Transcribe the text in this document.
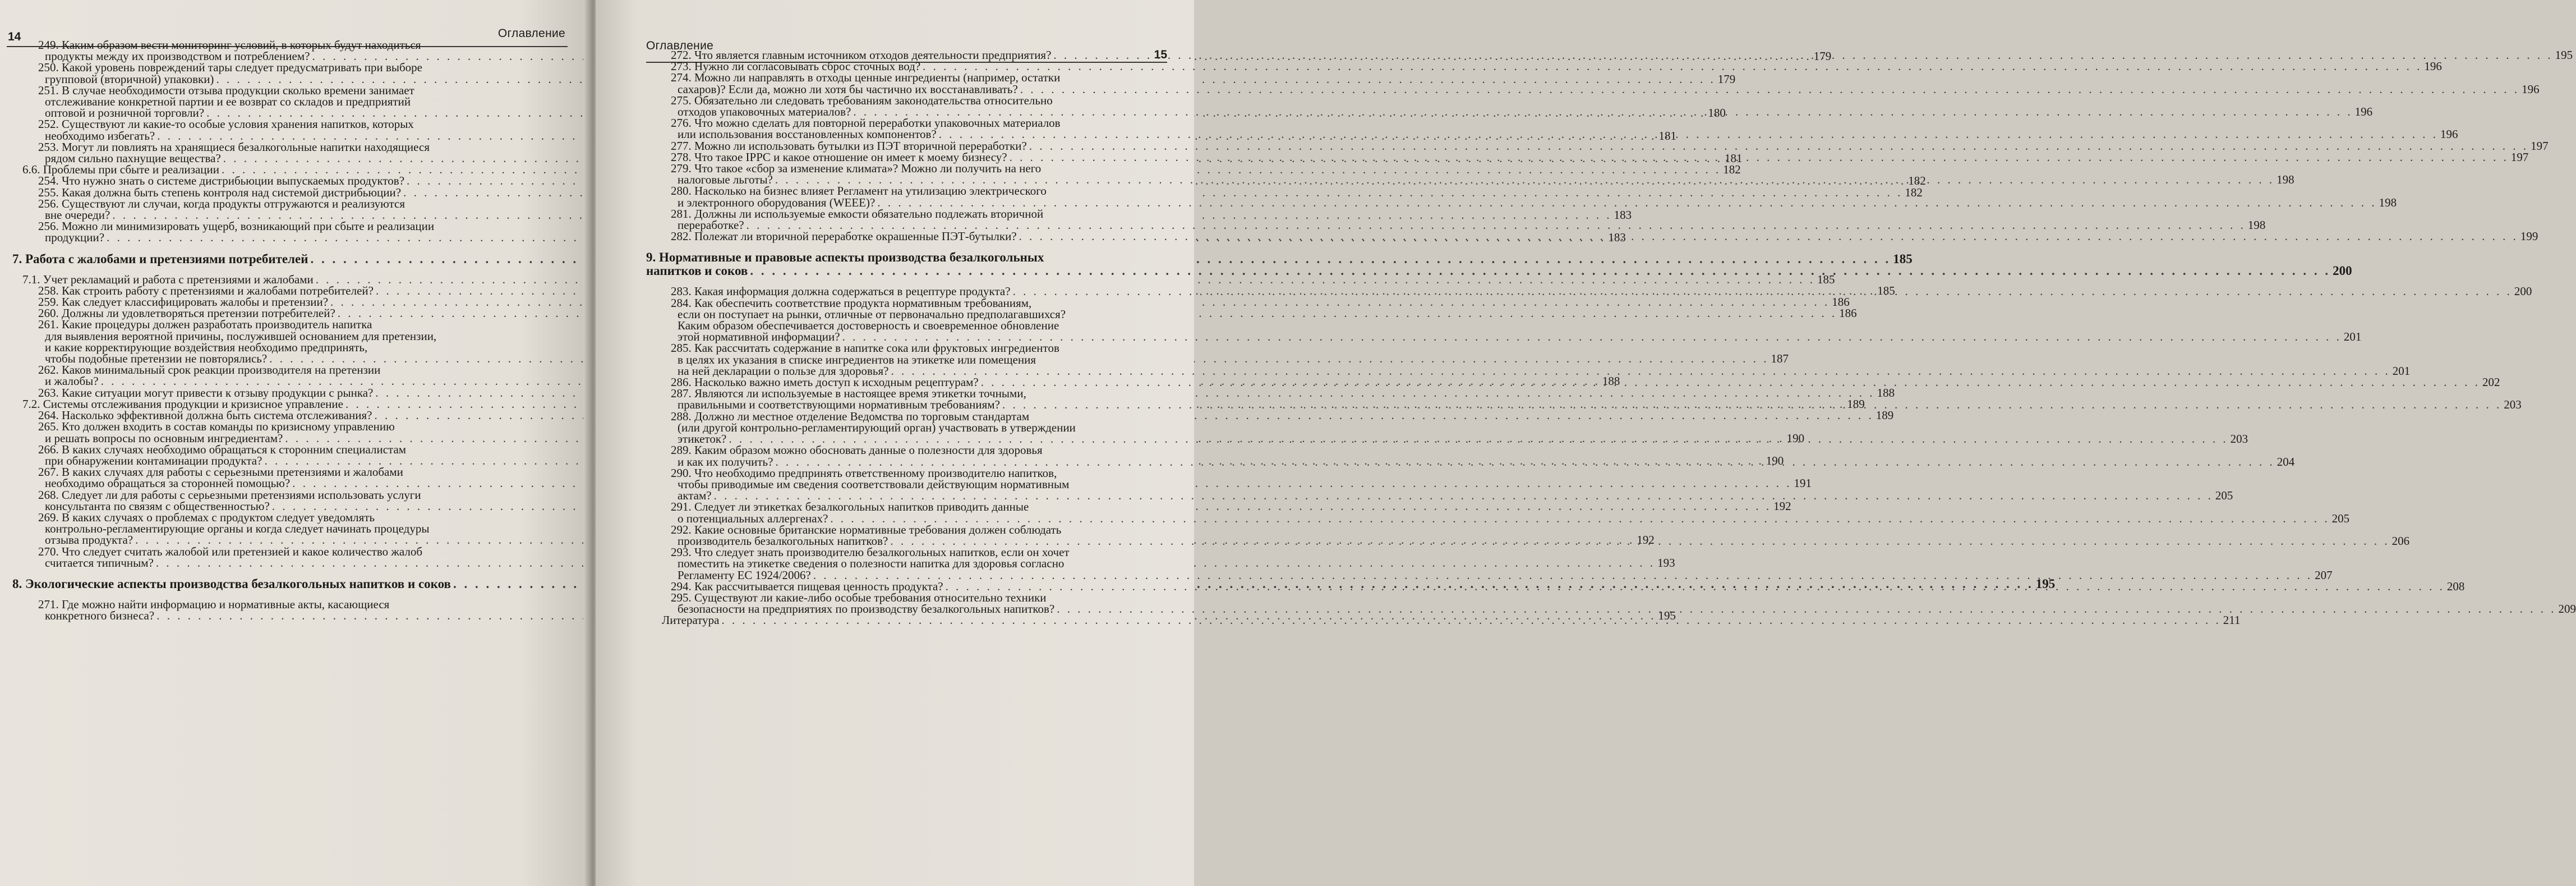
14	Оглавление
249. Каким образом вести мониторинг условий, в которых будут находиться
продукты между их производством и потреблением? . . .	179
250. Какой уровень повреждений тары следует предусматривать при выборе
групповой (вторичной) упаковки) . . .	179
251. В случае необходимости отзыва продукции сколько времени занимает
отслеживание конкретной партии и ее возврат со складов и предприятий
оптовой и розничной торговли? . . .	180
252. Существуют ли какие-то особые условия хранения напитков, которых
необходимо избегать? . . .	181
253. Могут ли повлиять на хранящиеся безалкогольные напитки находящиеся
рядом сильно пахнущие вещества? . . .	181
6.6. Проблемы при сбыте и реализации . . .	182
254. Что нужно знать о системе дистрибьюции выпускаемых продуктов? . . .	182
255. Какая должна быть степень контроля над системой дистрибьюции? . . .	182
256. Существуют ли случаи, когда продукты отгружаются и реализуются
вне очереди? . . .	183
256. Можно ли минимизировать ущерб, возникающий при сбыте и реализации
продукции? . . .	183
7. Работа с жалобами и претензиями потребителей . . .	185
7.1. Учет рекламаций и работа с претензиями и жалобами . . .	185
258. Как строить работу с претензиями и жалобами потребителей? . . .	185
259. Как следует классифицировать жалобы и претензии? . . .	186
260. Должны ли удовлетворяться претензии потребителей? . . .	186
261. Какие процедуры должен разработать производитель напитка
для выявления вероятной причины, послужившей основанием для претензии,
и какие корректирующие воздействия необходимо предпринять,
чтобы подобные претензии не повторялись? . . .	187
262. Каков минимальный срок реакции производителя на претензии
и жалобы? . . .	188
263. Какие ситуации могут привести к отзыву продукции с рынка? . . .	188
7.2. Системы отслеживания продукции и кризисное управление . . .	189
264. Насколько эффективной должна быть система отслеживания? . . .	189
265. Кто должен входить в состав команды по кризисному управлению
и решать вопросы по основным ингредиентам? . . .	190
266. В каких случаях необходимо обращаться к сторонним специалистам
при обнаружении контаминации продукта? . . .	190
267. В каких случаях для работы с серьезными претензиями и жалобами
необходимо обращаться за сторонней помощью? . . .	191
268. Следует ли для работы с серьезными претензиями использовать услуги
консультанта по связям с общественностью? . . .	192
269. В каких случаях о проблемах с продуктом следует уведомлять
контрольно-регламентирующие органы и когда следует начинать процедуры
отзыва продукта? . . .	192
270. Что следует считать жалобой или претензией и какое количество жалоб
считается типичным? . . .	193
8. Экологические аспекты производства безалкогольных напитков и соков . . .	195
271. Где можно найти информацию и нормативные акты, касающиеся
конкретного бизнеса? . . .	195
Оглавление
15
272. Что является главным источником отходов деятельности предприятия? . . .	195
273. Нужно ли согласовывать сброс сточных вод? . . .	196
274. Можно ли направлять в отходы ценные ингредиенты (например, остатки
сахаров)? Если да, можно ли хотя бы частично их восстанавливать? . . .	196
275. Обязательно ли следовать требованиям законодательства относительно
отходов упаковочных материалов? . . .	196
276. Что можно сделать для повторной переработки упаковочных материалов
или использования восстановленных компонентов? . . .	196
277. Можно ли использовать бутылки из ПЭТ вторичной переработки? . . .	197
278. Что такое IPPC и какое отношение он имеет к моему бизнесу? . . .	197
279. Что такое «сбор за изменение климата»? Можно ли получить на него
налоговые льготы? . . .	198
280. Насколько на бизнес влияет Регламент на утилизацию электрического
и электронного оборудования (WEEE)? . . .	198
281. Должны ли используемые емкости обязательно подлежать вторичной
переработке? . . .	198
282. Полежат ли вторичной переработке окрашенные ПЭТ-бутылки? . . .	199
9. Нормативные и правовые аспекты производства безалкогольных
напитков и соков . . .	200
283. Какая информация должна содержаться в рецептуре продукта? . . .	200
284. Как обеспечить соответствие продукта нормативным требованиям,
если он поступает на рынки, отличные от первоначально предполагавшихся?
Каким образом обеспечивается достоверность и своевременное обновление
этой нормативной информации? . . .	201
285. Как рассчитать содержание в напитке сока или фруктовых ингредиентов
в целях их указания в списке ингредиентов на этикетке или помещения
на ней декларации о пользе для здоровья? . . .	201
286. Насколько важно иметь доступ к исходным рецептурам? . . .	202
287. Являются ли используемые в настоящее время этикетки точными,
правильными и соответствующими нормативным требованиям? . . .	203
288. Должно ли местное отделение Ведомства по торговым стандартам
(или другой контрольно-регламентирующий орган) участвовать в утверждении
этикеток? . . .	203
289. Каким образом можно обосновать данные о полезности для здоровья
и как их получить? . . .	204
290. Что необходимо предпринять ответственному производителю напитков,
чтобы приводимые им сведения соответствовали действующим нормативным
актам? . . .	205
291. Следует ли этикетках безалкогольных напитков приводить данные
о потенциальных аллергенах? . . .	205
292. Какие основные британские нормативные требования должен соблюдать
производитель безалкогольных напитков? . . .	206
293. Что следует знать производителю безалкогольных напитков, если он хочет
поместить на этикетке сведения о полезности напитка для здоровья согласно
Регламенту ЕС 1924/2006? . . .	207
294. Как рассчитывается пищевая ценность продукта? . . .	208
295. Существуют ли какие-либо особые требования относительно техники
безопасности на предприятиях по производству безалкогольных напитков? . . .	209
Литература . . .	211
